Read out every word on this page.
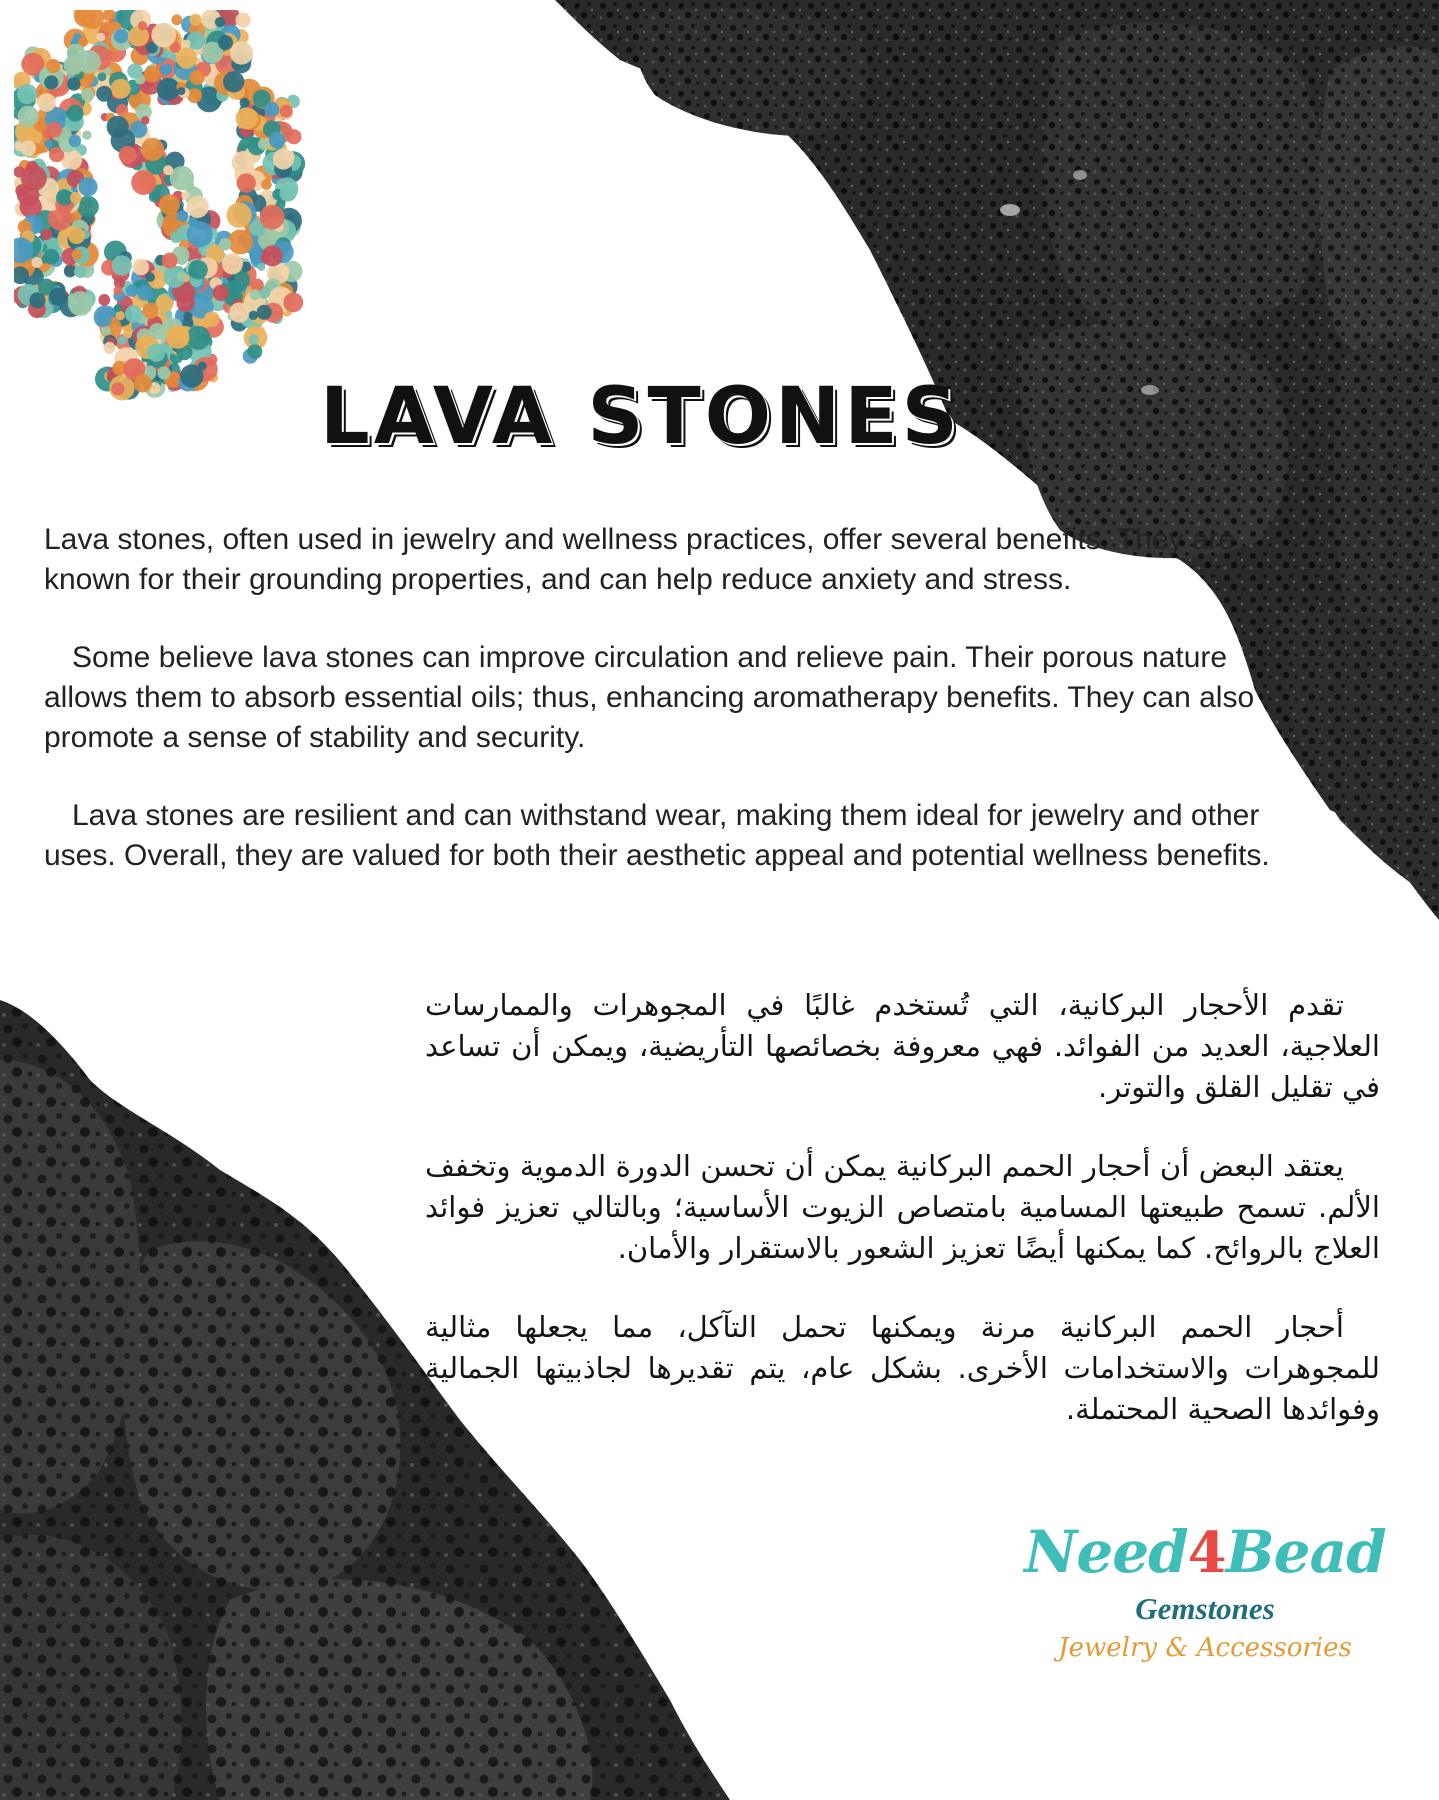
LAVA STONES

Lava stones, often used in jewelry and wellness practices, offer several benefits. They are known for their grounding properties, and can help reduce anxiety and stress.

Some believe lava stones can improve circulation and relieve pain. Their porous nature allows them to absorb essential oils; thus, enhancing aromatherapy benefits. They can also promote a sense of stability and security.

Lava stones are resilient and can withstand wear, making them ideal for jewelry and other uses. Overall, they are valued for both their aesthetic appeal and potential wellness benefits.

تقدم الأحجار البركانية، التي تُستخدم غالبًا في المجوهرات والممارسات العلاجية، العديد من الفوائد. فهي معروفة بخصائصها التأريضية، ويمكن أن تساعد في تقليل القلق والتوتر.

يعتقد البعض أن أحجار الحمم البركانية يمكن أن تحسن الدورة الدموية وتخفف الألم. تسمح طبيعتها المسامية بامتصاص الزيوت الأساسية؛ وبالتالي تعزيز فوائد العلاج بالروائح. كما يمكنها أيضًا تعزيز الشعور بالاستقرار والأمان.

أحجار الحمم البركانية مرنة ويمكنها تحمل التآكل، مما يجعلها مثالية للمجوهرات والاستخدامات الأخرى. بشكل عام، يتم تقديرها لجاذبيتها الجمالية وفوائدها الصحية المحتملة.

Need4Bead
Gemstones
Jewelry & Accessories
